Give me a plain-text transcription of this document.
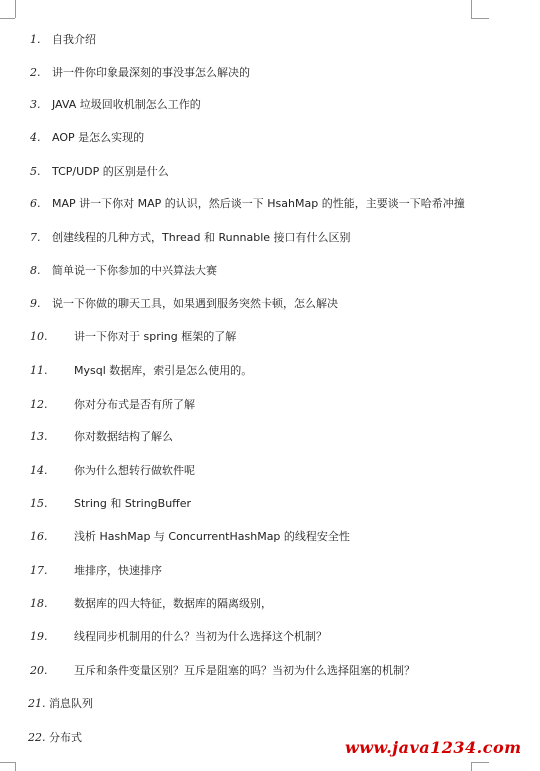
1. 自我介绍
2. 讲一件你印象最深刻的事没事怎么解决的
3. JAVA 垃圾回收机制怎么工作的
4. AOP 是怎么实现的
5. TCP/UDP 的区别是什么
6. MAP 讲一下你对 MAP 的认识，然后谈一下 HsahMap 的性能，主要谈一下哈希冲撞
7. 创建线程的几种方式，Thread 和 Runnable 接口有什么区别
8. 简单说一下你参加的中兴算法大赛
9. 说一下你做的聊天工具，如果遇到服务突然卡顿，怎么解决
10. 讲一下你对于 spring 框架的了解
11. Mysql 数据库，索引是怎么使用的。
12. 你对分布式是否有所了解
13. 你对数据结构了解么
14. 你为什么想转行做软件呢
15. String 和 StringBuffer
16. 浅析 HashMap 与 ConcurrentHashMap 的线程安全性
17. 堆排序，快速排序
18. 数据库的四大特征，数据库的隔离级别，
19. 线程同步机制用的什么？当初为什么选择这个机制？
20. 互斥和条件变量区别？互斥是阻塞的吗？当初为什么选择阻塞的机制？
21. 消息队列
22. 分布式
www.java1234.com
